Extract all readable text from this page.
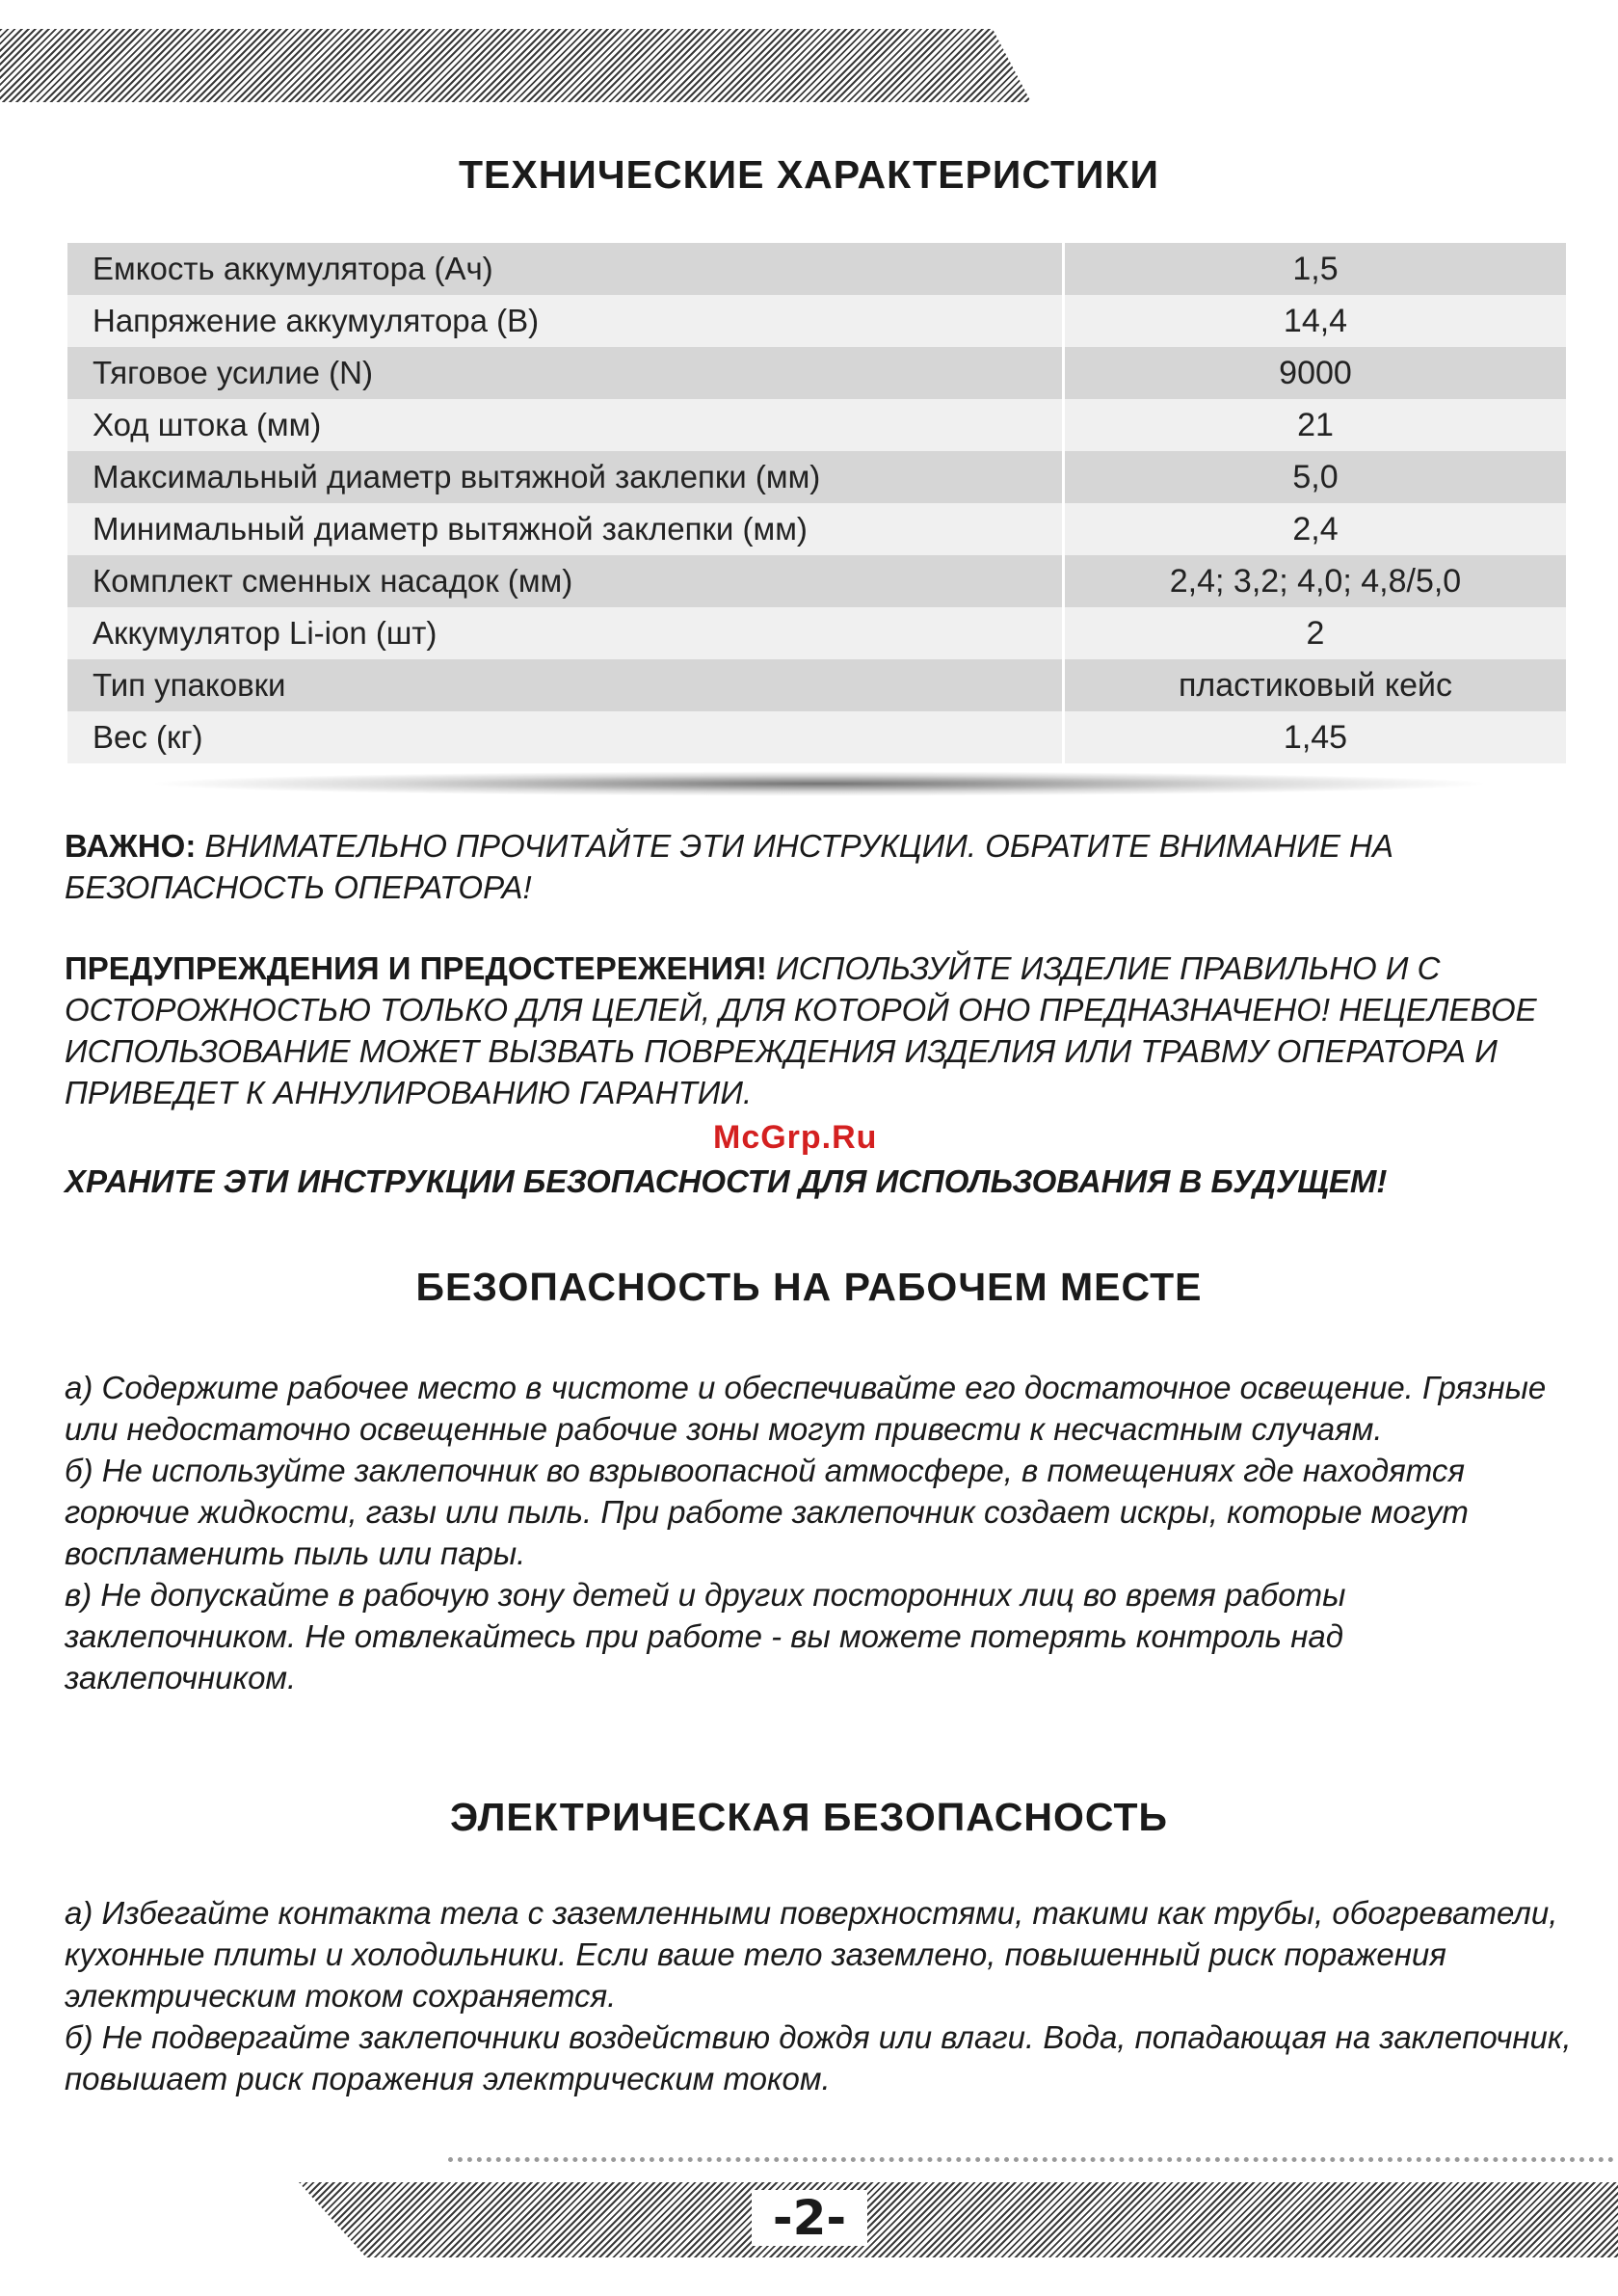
ТЕХНИЧЕСКИЕ ХАРАКТЕРИСТИКИ
Емкость аккумулятора (Ач)	1,5
Напряжение аккумулятора (В)	14,4
Тяговое усилие (N)	9000
Ход штока (мм)	21
Максимальный диаметр вытяжной заклепки (мм)	5,0
Минимальный диаметр вытяжной заклепки (мм)	2,4
Комплект сменных насадок (мм)	2,4; 3,2; 4,0; 4,8/5,0
Аккумулятор Li-ion (шт)	2
Тип упаковки	пластиковый кейс
Вес (кг)	1,45
ВАЖНО: ВНИМАТЕЛЬНО ПРОЧИТАЙТЕ ЭТИ ИНСТРУКЦИИ. ОБРАТИТЕ ВНИМАНИЕ НА БЕЗОПАСНОСТЬ ОПЕРАТОРА!
ПРЕДУПРЕЖДЕНИЯ И ПРЕДОСТЕРЕЖЕНИЯ! ИСПОЛЬЗУЙТЕ ИЗДЕЛИЕ ПРАВИЛЬНО И С ОСТОРОЖНОСТЬЮ ТОЛЬКО ДЛЯ ЦЕЛЕЙ, ДЛЯ КОТОРОЙ ОНО ПРЕДНАЗНАЧЕНО! НЕЦЕЛЕВОЕ ИСПОЛЬЗОВАНИЕ МОЖЕТ ВЫЗВАТЬ ПОВРЕЖДЕНИЯ ИЗДЕЛИЯ ИЛИ ТРАВМУ ОПЕРАТОРА И ПРИВЕДЕТ К АННУЛИРОВАНИЮ ГАРАНТИИ.
McGrp.Ru
ХРАНИТЕ ЭТИ ИНСТРУКЦИИ БЕЗОПАСНОСТИ ДЛЯ ИСПОЛЬЗОВАНИЯ В БУДУЩЕМ!
БЕЗОПАСНОСТЬ НА РАБОЧЕМ МЕСТЕ

а) Содержите рабочее место в чистоте и обеспечивайте его достаточное освещение. Грязные или недостаточно освещенные рабочие зоны могут привести к несчастным случаям.

б) Не используйте заклепочник во взрывоопасной атмосфере, в помещениях где находятся горючие жидкости, газы или пыль. При работе заклепочник создает искры, которые могут воспламенить пыль или пары.

в) Не допускайте в рабочую зону детей и других посторонних лиц во время работы заклепочником. Не отвлекайтесь при работе - вы можете потерять контроль над заклепочником.

ЭЛЕКТРИЧЕСКАЯ БЕЗОПАСНОСТЬ

а) Избегайте контакта тела с заземленными поверхностями, такими как трубы, обогреватели, кухонные плиты и холодильники. Если ваше тело заземлено, повышенный риск поражения электрическим током сохраняется.

б) Не подвергайте заклепочники воздействию дождя или влаги. Вода, попадающая на заклепочник, повышает риск поражения электрическим током.

-2-
